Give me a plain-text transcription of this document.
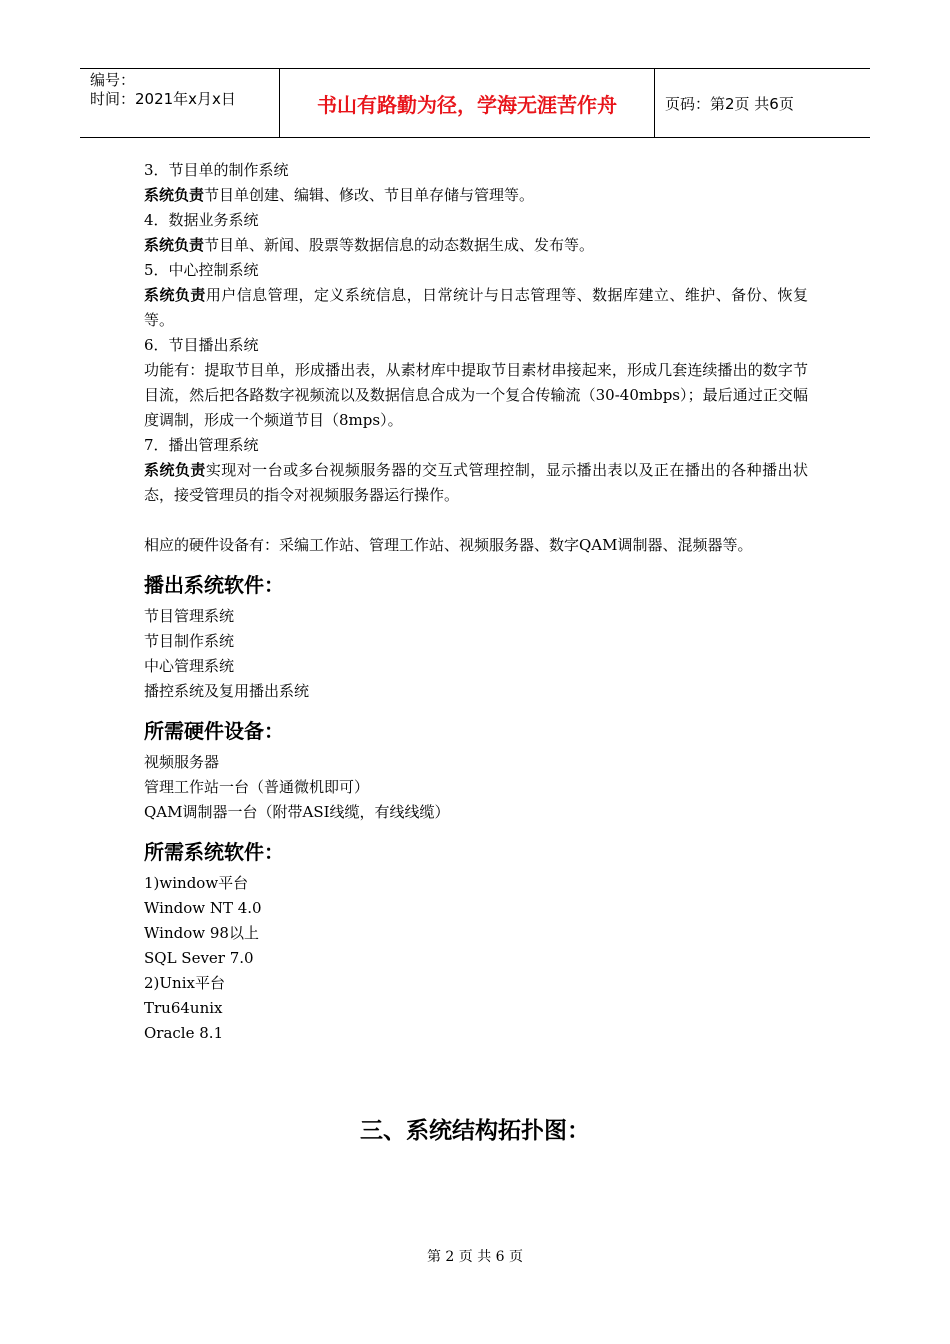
编号：
时间：2021年x月x日	书山有路勤为径，学海无涯苦作舟	页码：第2页 共6页

3．节目单的制作系统

系统负责节目单创建、编辑、修改、节目单存储与管理等。

4．数据业务系统

系统负责节目单、新闻、股票等数据信息的动态数据生成、发布等。

5．中心控制系统

系统负责用户信息管理，定义系统信息，日常统计与日志管理等、数据库建立、维护、备份、恢复等。

6．节目播出系统

功能有：提取节目单，形成播出表，从素材库中提取节目素材串接起来，形成几套连续播出的数字节目流，然后把各路数字视频流以及数据信息合成为一个复合传输流（30-40mbps）；最后通过正交幅度调制，形成一个频道节目（8mps）。

7．播出管理系统

系统负责实现对一台或多台视频服务器的交互式管理控制，显示播出表以及正在播出的各种播出状态，接受管理员的指令对视频服务器运行操作。

相应的硬件设备有：采编工作站、管理工作站、视频服务器、数字QAM调制器、混频器等。

播出系统软件：

节目管理系统

节目制作系统

中心管理系统

播控系统及复用播出系统

所需硬件设备：

视频服务器

管理工作站一台（普通微机即可）

QAM调制器一台（附带ASI线缆，有线线缆）

所需系统软件：

1)window平台

Window NT 4.0

Window 98以上

SQL Sever 7.0

2)Unix平台

Tru64unix

Oracle 8.1

三、系统结构拓扑图：
第 2 页 共 6 页
